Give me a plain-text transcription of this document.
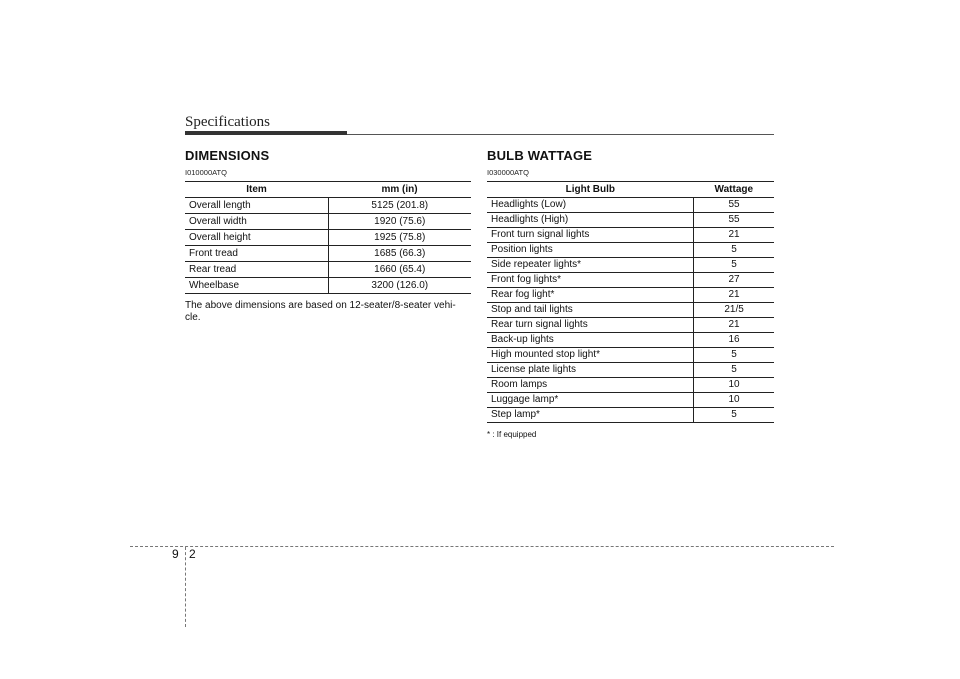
Specifications
DIMENSIONS
I010000ATQ
Item	mm (in)
Overall length	5125 (201.8)
Overall width	1920 (75.6)
Overall height	1925 (75.8)
Front tread	1685 (66.3)
Rear tread	1660 (65.4)
Wheelbase	3200 (126.0)
The above dimensions are based on 12-seater/8-seater vehi-
cle.
BULB WATTAGE
I030000ATQ
Light Bulb	Wattage
Headlights (Low)	55
Headlights (High)	55
Front turn signal lights	21
Position lights	5
Side repeater lights*	5
Front fog lights*	27
Rear fog light*	21
Stop and tail lights	21/5
Rear turn signal lights	21
Back-up lights	16
High mounted stop light*	5
License plate lights	5
Room lamps	10
Luggage lamp*	10
Step lamp*	5
* : If equipped
9 2
